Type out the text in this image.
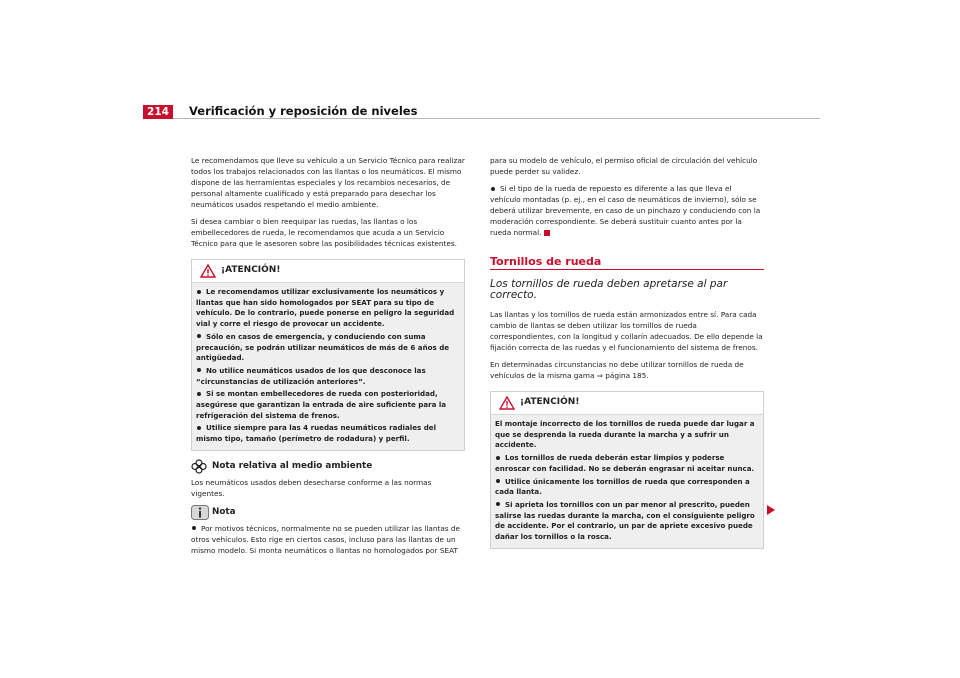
214	Verificación y reposición de niveles

Le recomendamos que lleve su vehículo a un Servicio Técnico para realizar todos los trabajos relacionados con las llantas o los neumáticos. El mismo dispone de las herramientas especiales y los recambios necesarios, de personal altamente cualificado y está preparado para desechar los neumáticos usados respetando el medio ambiente.

Si desea cambiar o bien reequipar las ruedas, las llantas o los embellecedores de rueda, le recomendamos que acuda a un Servicio Técnico para que le asesoren sobre las posibilidades técnicas existentes.

¡ATENCIÓN!
Le recomendamos utilizar exclusivamente los neumáticos y llantas que han sido homologados por SEAT para su tipo de vehículo. De lo contrario, puede ponerse en peligro la seguridad vial y corre el riesgo de provocar un accidente.
Sólo en casos de emergencia, y conduciendo con suma precaución, se podrán utilizar neumáticos de más de 6 años de antigüedad.
No utilice neumáticos usados de los que desconoce las “circunstancias de utilización anteriores”.
Si se montan embellecedores de rueda con posterioridad, asegúrese que garantizan la entrada de aire suficiente para la refrigeración del sistema de frenos.
Utilice siempre para las 4 ruedas neumáticos radiales del mismo tipo, tamaño (perímetro de rodadura) y perfil.
Nota relativa al medio ambiente

Los neumáticos usados deben desecharse conforme a las normas vigentes.

Nota
Por motivos técnicos, normalmente no se pueden utilizar las llantas de otros vehículos. Esto rige en ciertos casos, incluso para las llantas de un mismo modelo. Si monta neumáticos o llantas no homologados por SEAT

para su modelo de vehículo, el permiso oficial de circulación del vehículo puede perder su validez.

Si el tipo de la rueda de repuesto es diferente a las que lleva el vehículo montadas (p. ej., en el caso de neumáticos de invierno), sólo se deberá utilizar brevemente, en caso de un pinchazo y conduciendo con la moderación correspondiente. Se deberá sustituir cuanto antes por la rueda normal.

Tornillos de rueda
Los tornillos de rueda deben apretarse al par correcto.

Las llantas y los tornillos de rueda están armonizados entre sí. Para cada cambio de llantas se deben utilizar los tornillos de rueda correspondientes, con la longitud y collarín adecuados. De ello depende la fijación correcta de las ruedas y el funcionamiento del sistema de frenos.

En determinadas circunstancias no debe utilizar tornillos de rueda de vehículos de la misma gama ⇒ página 185.

¡ATENCIÓN!
El montaje incorrecto de los tornillos de rueda puede dar lugar a que se desprenda la rueda durante la marcha y a sufrir un accidente.
Los tornillos de rueda deberán estar limpios y poderse enroscar con facilidad. No se deberán engrasar ni aceitar nunca.
Utilice únicamente los tornillos de rueda que corresponden a cada llanta.
Si aprieta los tornillos con un par menor al prescrito, pueden salirse las ruedas durante la marcha, con el consiguiente peligro de accidente. Por el contrario, un par de apriete excesivo puede dañar los tornillos o la rosca.
